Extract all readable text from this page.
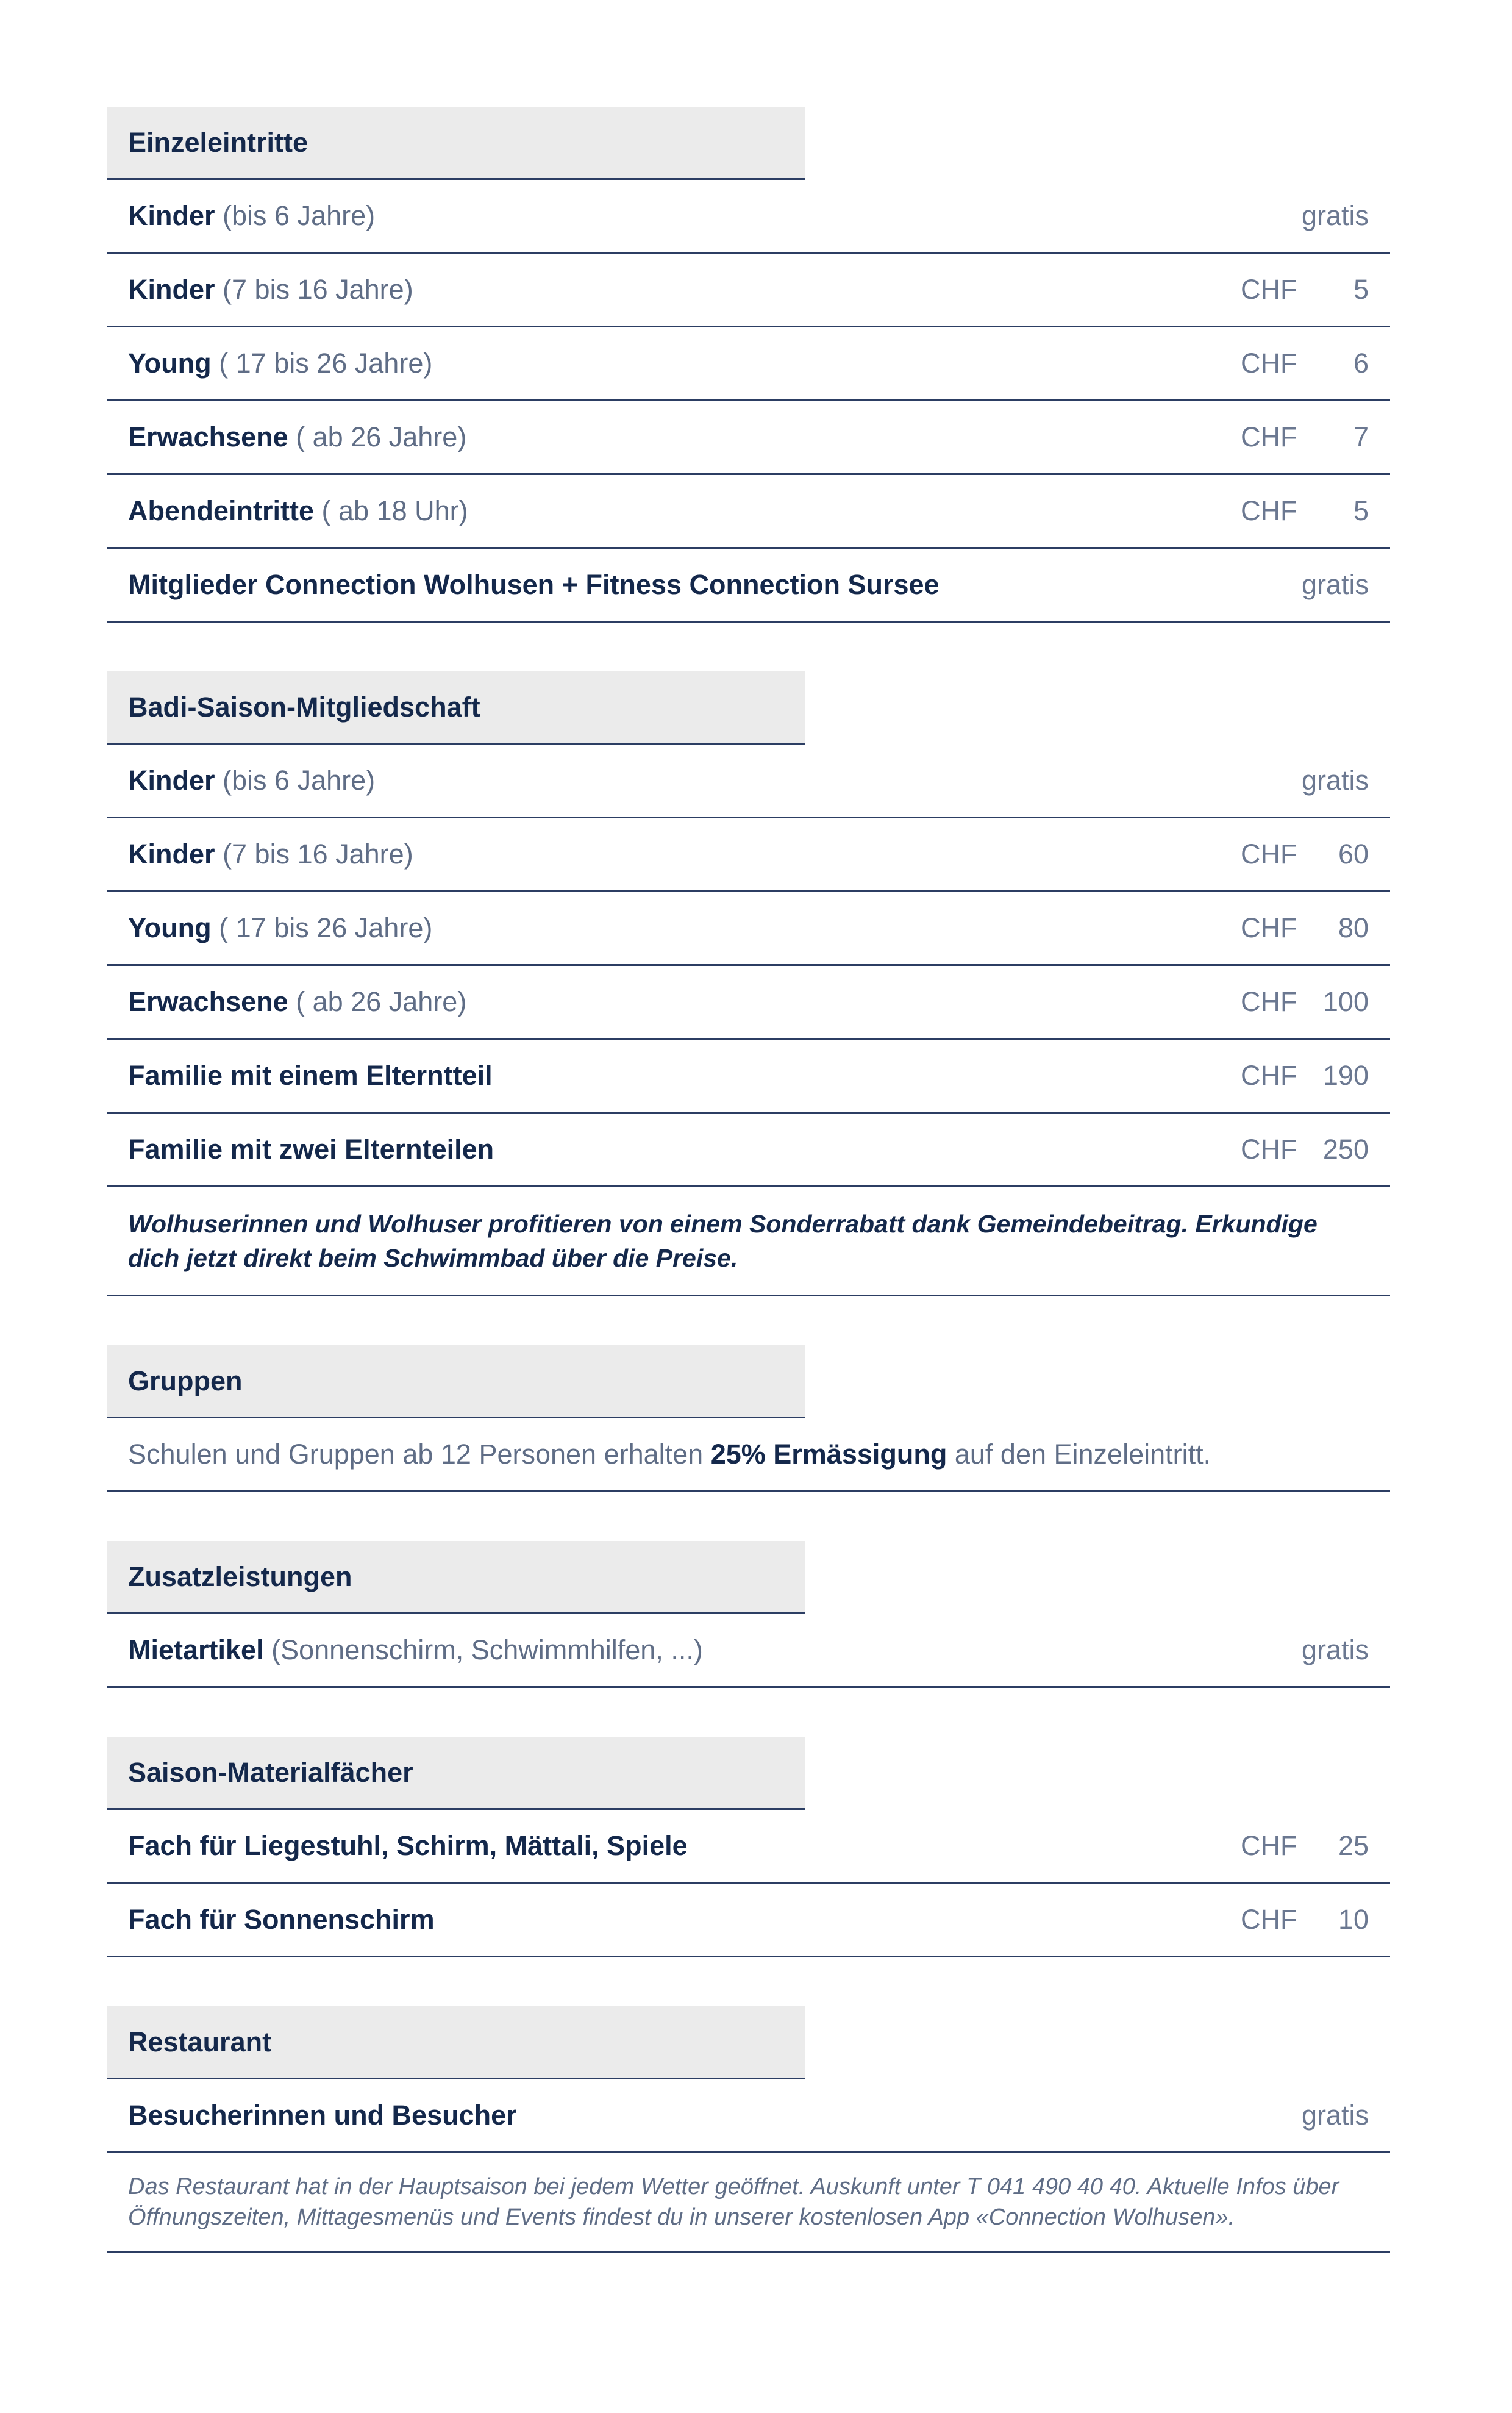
Einzeleintritte
Kinder (bis 6 Jahre)	gratis
Kinder (7 bis 16 Jahre)	CHF	5
Young ( 17 bis 26 Jahre)	CHF	6
Erwachsene ( ab 26 Jahre)	CHF	7
Abendeintritte ( ab 18 Uhr)	CHF	5
Mitglieder Connection Wolhusen + Fitness Connection Sursee	gratis
Badi-Saison-Mitgliedschaft
Kinder (bis 6 Jahre)	gratis
Kinder (7 bis 16 Jahre)	CHF	60
Young ( 17 bis 26 Jahre)	CHF	80
Erwachsene ( ab 26 Jahre)	CHF 100
Familie mit einem Elterntteil	CHF 190
Familie mit zwei Elternteilen	CHF 250
Wolhuserinnen und Wolhuser profitieren von einem Sonderrabatt dank Gemeindebeitrag. Erkundige dich jetzt direkt beim Schwimmbad über die Preise.
Gruppen
Schulen und Gruppen ab 12 Personen erhalten 25% Ermässigung auf den Einzeleintritt.
Zusatzleistungen
Mietartikel (Sonnenschirm, Schwimmhilfen, ...)	gratis
Saison-Materialfächer
Fach für Liegestuhl, Schirm, Mättali, Spiele	CHF	25
Fach für Sonnenschirm	CHF	10
Restaurant
Besucherinnen und Besucher	gratis
Das Restaurant hat in der Hauptsaison bei jedem Wetter geöffnet. Auskunft unter T 041 490 40 40. Aktuelle Infos über Öffnungszeiten, Mittagesmenüs und Events findest du in unserer kostenlosen App «Connection Wolhusen».
